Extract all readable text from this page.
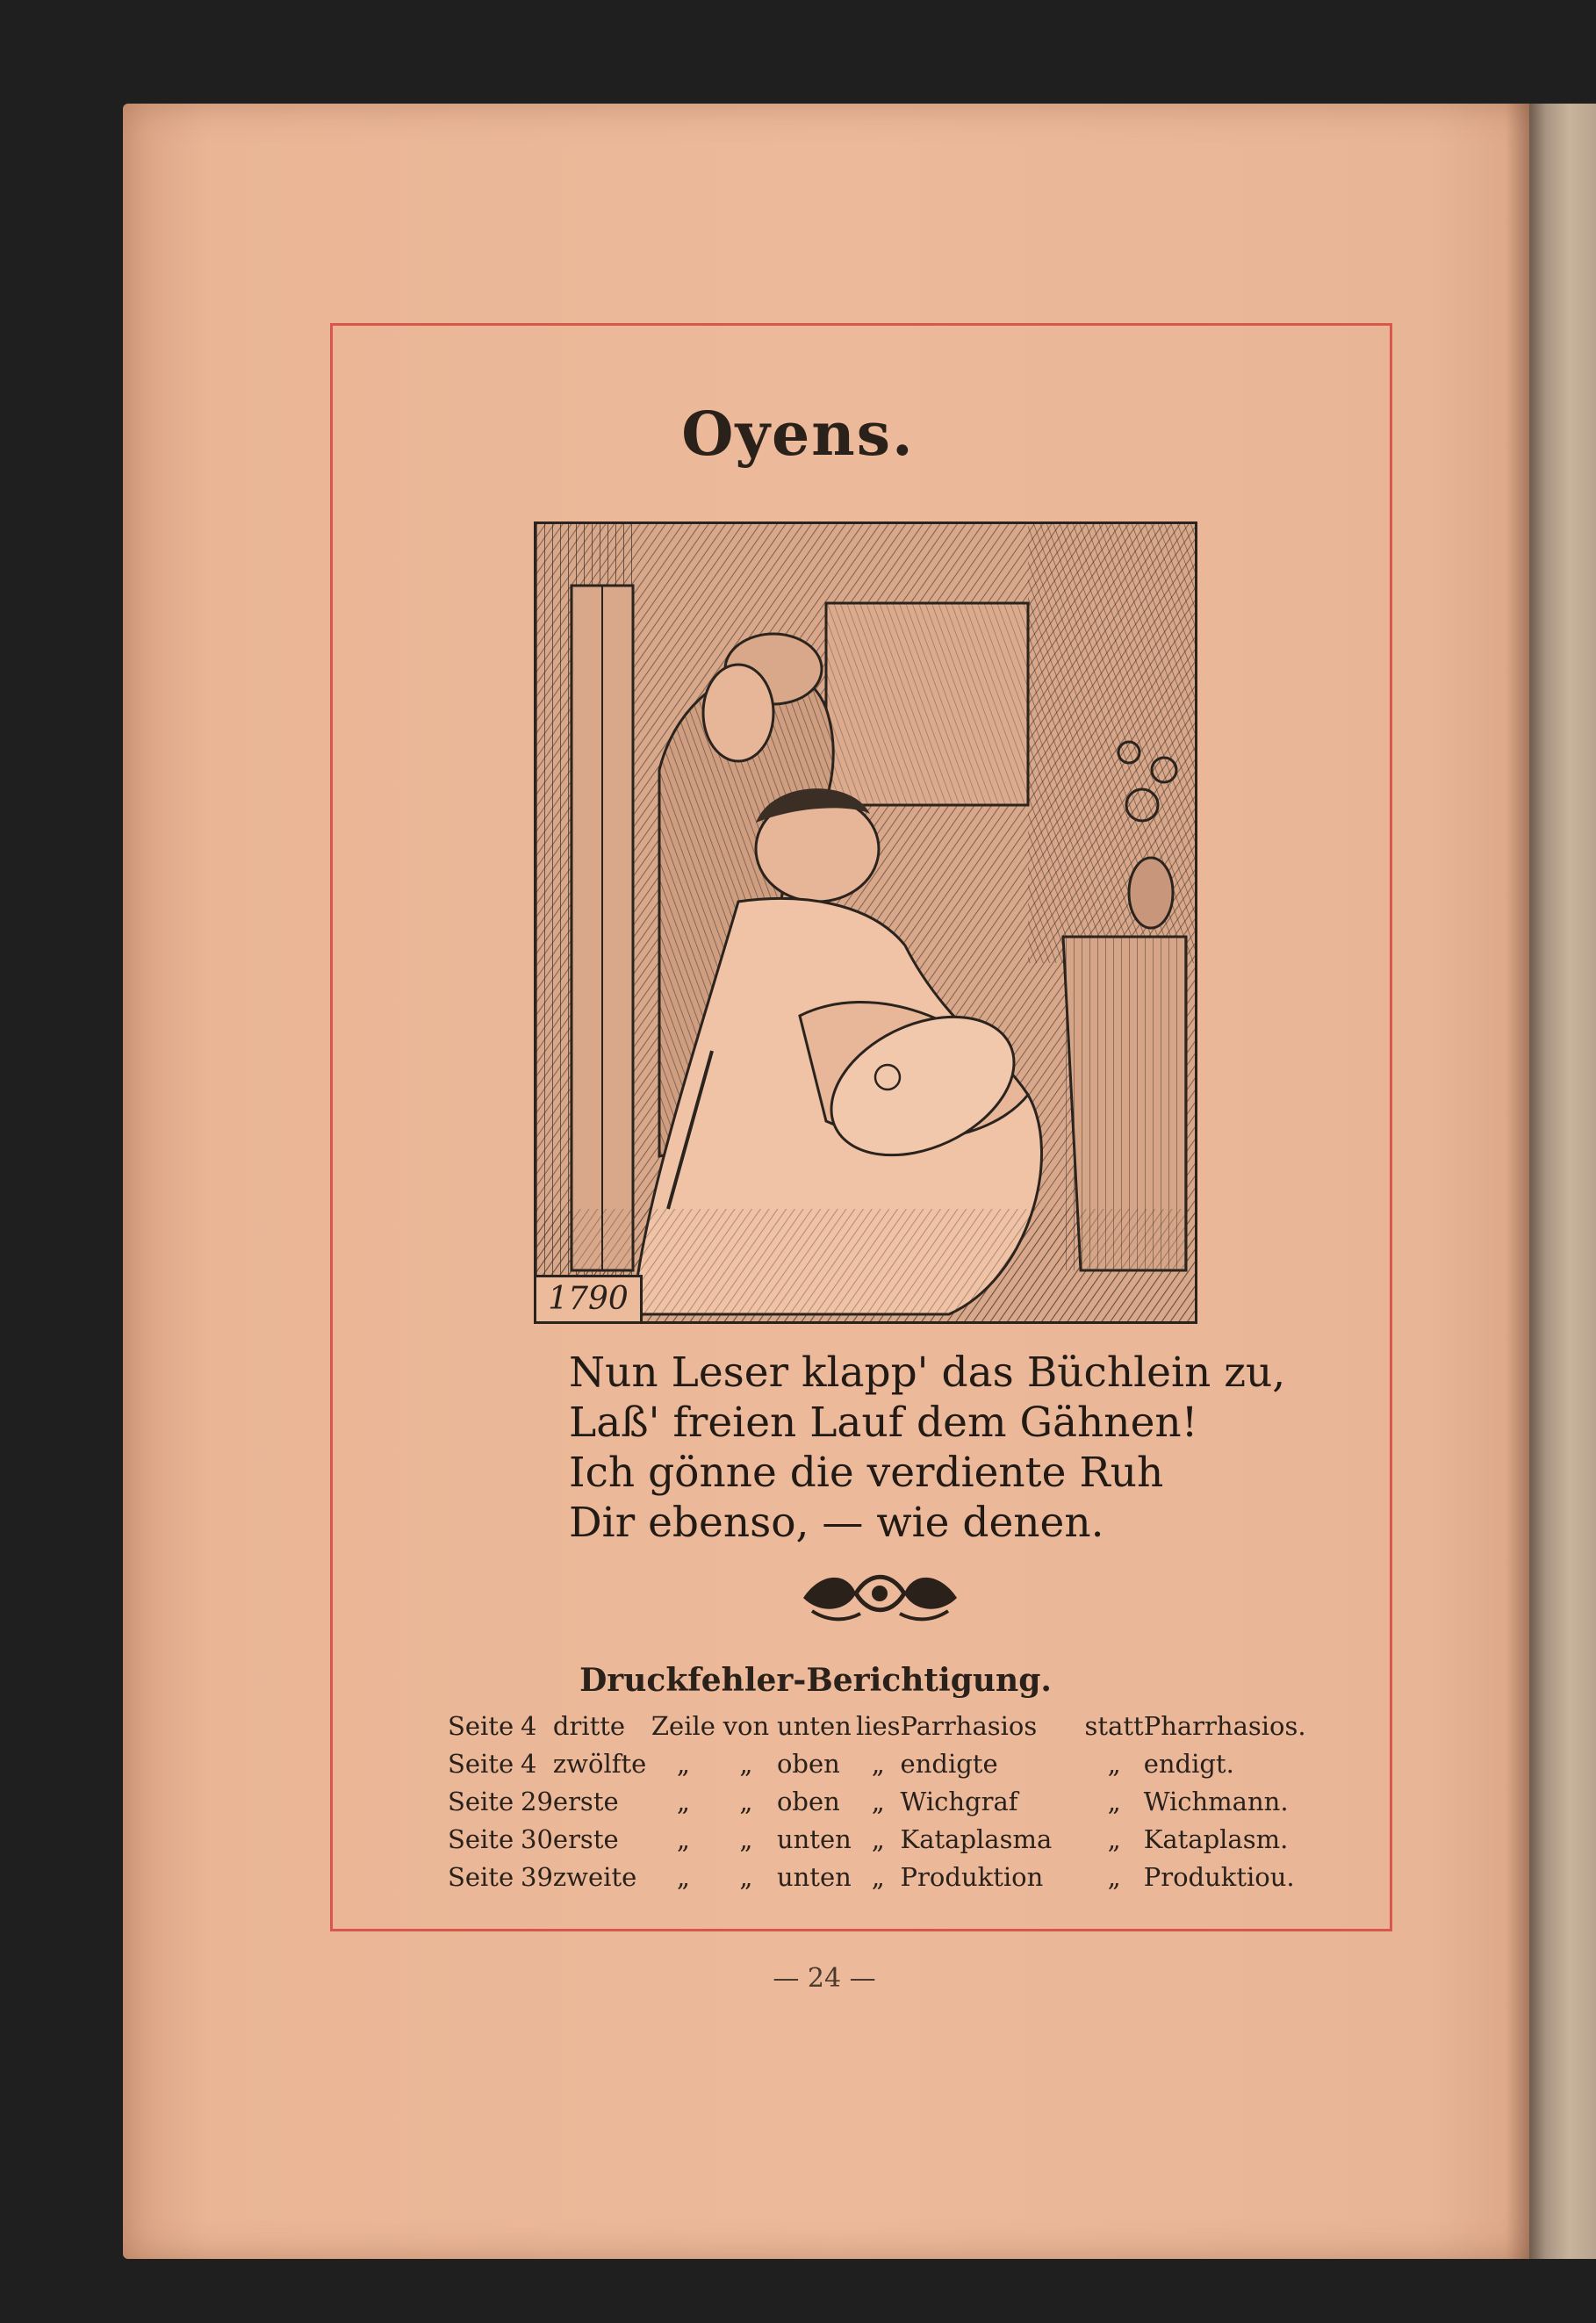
Oyens.
1790
Nun Leser klapp' das Büchlein zu,
Laß' freien Lauf dem Gähnen!
Ich gönne die verdiente Ruh
Dir ebenso, — wie denen.
Druckfehler-Berichtigung.
Seite	4	dritte	Zeile	von	unten	lies	Parrhasios	statt	Pharrhasios.
Seite	4	zwölfte	„	„	oben	„	endigte	„	endigt.
Seite	29	erste	„	„	oben	„	Wichgraf	„	Wichmann.
Seite	30	erste	„	„	unten	„	Kataplasma	„	Kataplasm.
Seite	39	zweite	„	„	unten	„	Produktion	„	Produktiou.
— 24 —
